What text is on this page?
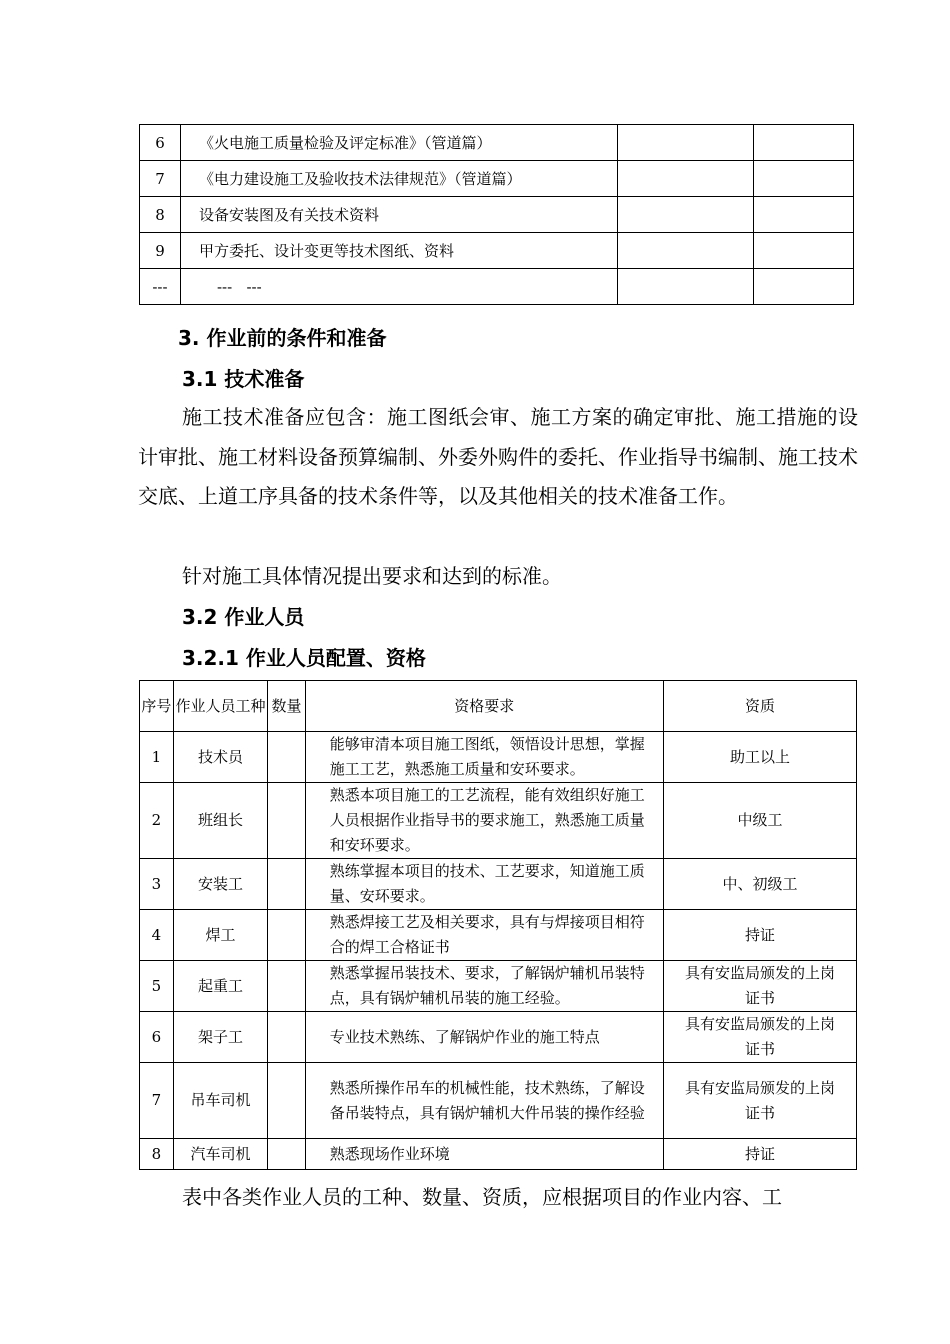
6	《火电施工质量检验及评定标准》（管道篇）		
7	《电力建设施工及验收技术法律规范》（管道篇）		
8	设备安装图及有关技术资料		
9	甲方委托、设计变更等技术图纸、资料		
---	---   ---		
3. 作业前的条件和准备
3.1 技术准备
施工技术准备应包含：施工图纸会审、施工方案的确定审批、施工措施的设计审批、施工材料设备预算编制、外委外购件的委托、作业指导书编制、施工技术交底、上道工序具备的技术条件等，以及其他相关的技术准备工作。
针对施工具体情况提出要求和达到的标准。
3.2 作业人员
3.2.1 作业人员配置、资格
序号	作业人员工种	数量	资格要求	资质
1	技术员		能够审清本项目施工图纸，领悟设计思想，掌握施工工艺，熟悉施工质量和安环要求。	助工以上
2	班组长		熟悉本项目施工的工艺流程，能有效组织好施工人员根据作业指导书的要求施工，熟悉施工质量和安环要求。	中级工
3	安装工		熟练掌握本项目的技术、工艺要求，知道施工质量、安环要求。	中、初级工
4	焊工		熟悉焊接工艺及相关要求，具有与焊接项目相符合的焊工合格证书	持证
5	起重工		熟悉掌握吊装技术、要求，了解锅炉辅机吊装特点，具有锅炉辅机吊装的施工经验。	具有安监局颁发的上岗证书
6	架子工		专业技术熟练、了解锅炉作业的施工特点	具有安监局颁发的上岗证书
7	吊车司机		熟悉所操作吊车的机械性能，技术熟练，了解设备吊装特点，具有锅炉辅机大件吊装的操作经验	具有安监局颁发的上岗证书
8	汽车司机		熟悉现场作业环境	持证
表中各类作业人员的工种、数量、资质，应根据项目的作业内容、工
